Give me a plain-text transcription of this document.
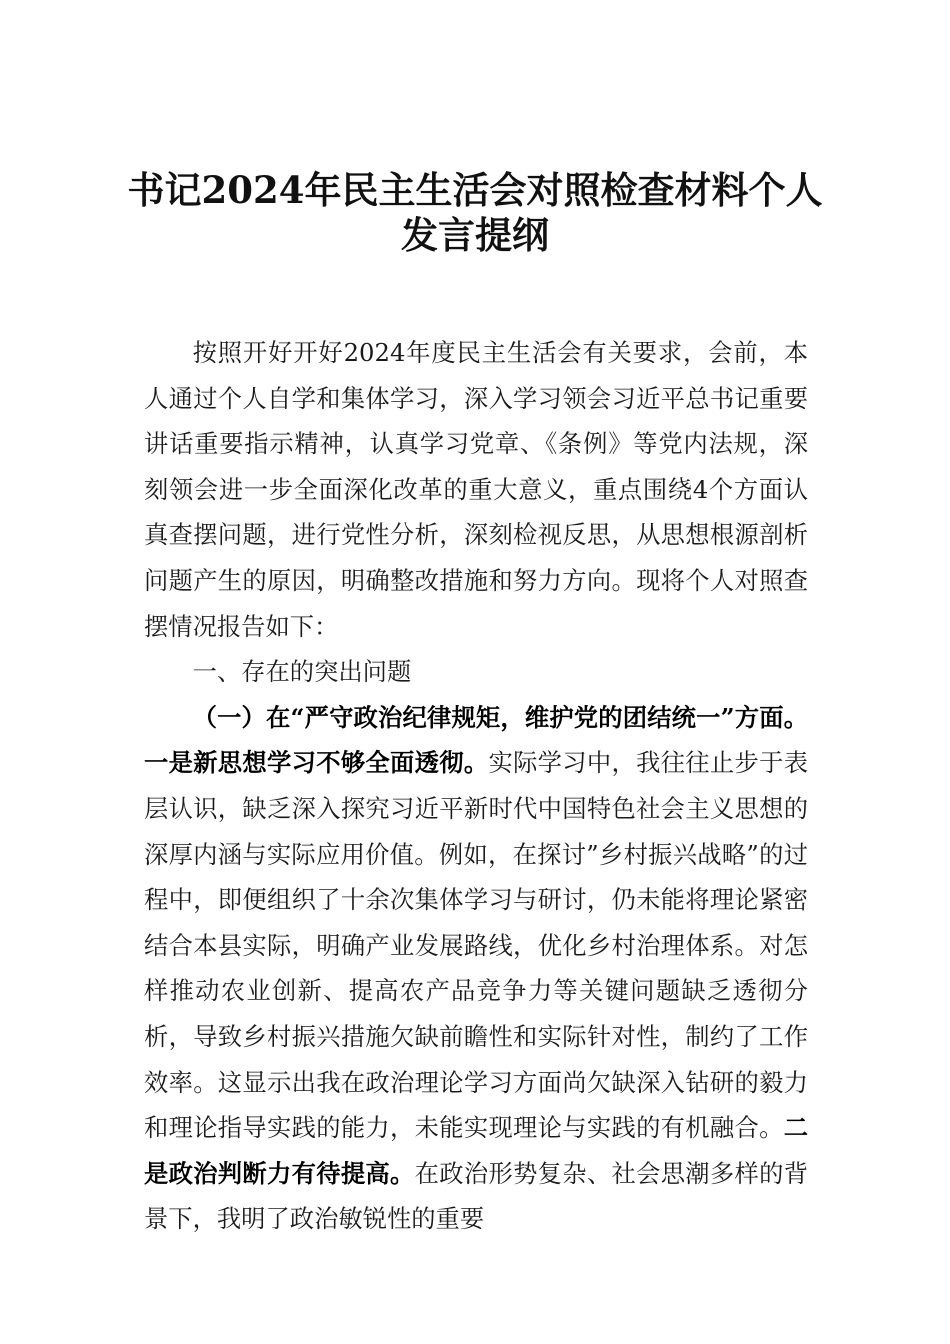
书记2024年民主生活会对照检查材料个人
发言提纲

按照开好开好2024年度民主生活会有关要求，会前，本人通过个人自学和集体学习，深入学习领会习近平总书记重要讲话重要指示精神，认真学习党章、《条例》等党内法规，深刻领会进一步全面深化改革的重大意义，重点围绕4个方面认真查摆问题，进行党性分析，深刻检视反思，从思想根源剖析问题产生的原因，明确整改措施和努力方向。现将个人对照查摆情况报告如下：

一、存在的突出问题

（一）在“严守政治纪律规矩，维护党的团结统一”方面。一是新思想学习不够全面透彻。实际学习中，我往往止步于表层认识，缺乏深入探究习近平新时代中国特色社会主义思想的深厚内涵与实际应用价值。例如，在探讨”乡村振兴战略”的过程中，即便组织了十余次集体学习与研讨，仍未能将理论紧密结合本县实际，明确产业发展路线，优化乡村治理体系。对怎样推动农业创新、提高农产品竞争力等关键问题缺乏透彻分析，导致乡村振兴措施欠缺前瞻性和实际针对性，制约了工作效率。这显示出我在政治理论学习方面尚欠缺深入钻研的毅力和理论指导实践的能力，未能实现理论与实践的有机融合。二是政治判断力有待提高。在政治形势复杂、社会思潮多样的背景下，我明了政治敏锐性的重要
